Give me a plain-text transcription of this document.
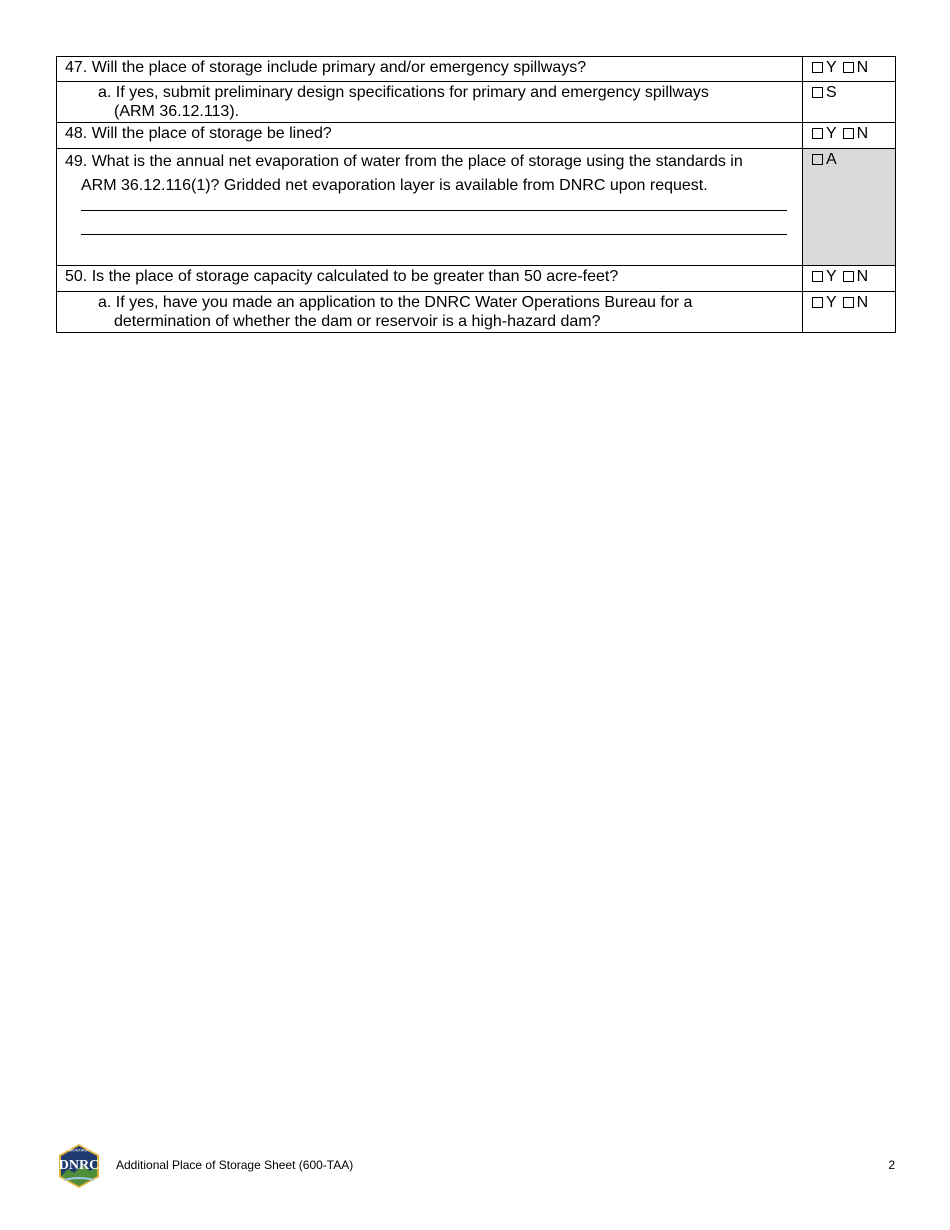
47. Will the place of storage include primary and/or emergency spillways?	Y N

a. If yes, submit preliminary design specifications for primary and emergency spillways
(ARM 36.12.113).	S
48. Will the place of storage be lined?	Y N

49. What is the annual net evaporation of water from the place of storage using the standards in
ARM 36.12.116(1)? Gridded net evaporation layer is available from DNRC upon request.	A
50. Is the place of storage capacity calculated to be greater than 50 acre-feet?	Y N

a. If yes, have you made an application to the DNRC Water Operations Bureau for a
determination of whether the dam or reservoir is a high-hazard dam?	Y N
MONTANA
DNRC Additional Place of Storage Sheet (600-TAA)	2
